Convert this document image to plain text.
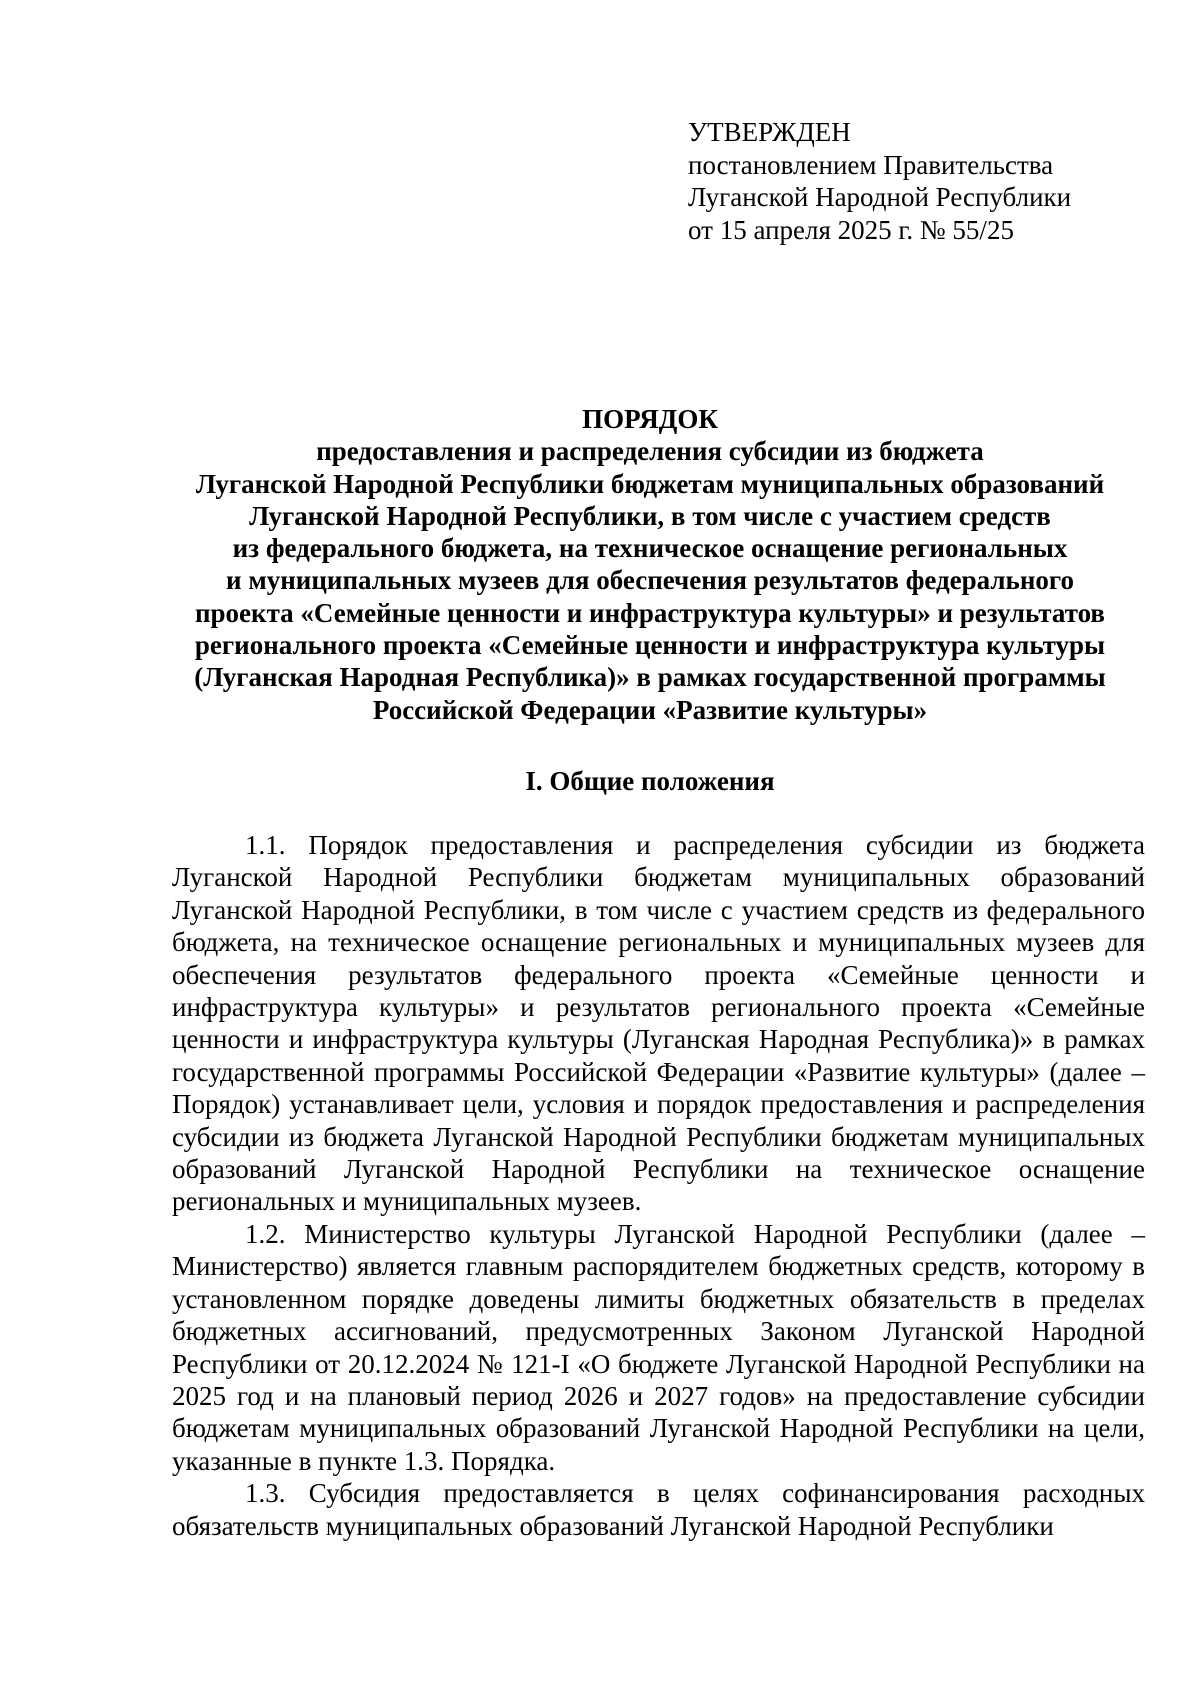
УТВЕРЖДЕН
постановлением Правительства
Луганской Народной Республики
от 15 апреля 2025 г. № 55/25
ПОРЯДОК
предоставления и распределения субсидии из бюджета
Луганской Народной Республики бюджетам муниципальных образований
Луганской Народной Республики, в том числе с участием средств
из федерального бюджета, на техническое оснащение региональных
и муниципальных музеев для обеспечения результатов федерального
проекта «Семейные ценности и инфраструктура культуры» и результатов
регионального проекта «Семейные ценности и инфраструктура культуры
(Луганская Народная Республика)» в рамках государственной программы
Российской Федерации «Развитие культуры»
I. Общие положения

1.1. Порядок предоставления и распределения субсидии из бюджета Луганской Народной Республики бюджетам муниципальных образований Луганской Народной Республики, в том числе с участием средств из федерального бюджета, на техническое оснащение региональных и муниципальных музеев для обеспечения результатов федерального проекта «Семейные ценности и инфраструктура культуры» и результатов регионального проекта «Семейные ценности и инфраструктура культуры (Луганская Народная Республика)» в рамках государственной программы Российской Федерации «Развитие культуры» (далее – Порядок) устанавливает цели, условия и порядок предоставления и распределения субсидии из бюджета Луганской Народной Республики бюджетам муниципальных образований Луганской Народной Республики на техническое оснащение региональных и муниципальных музеев.

1.2. Министерство культуры Луганской Народной Республики (далее – Министерство) является главным распорядителем бюджетных средств, которому в установленном порядке доведены лимиты бюджетных обязательств в пределах бюджетных ассигнований, предусмотренных Законом Луганской Народной Республики от 20.12.2024 № 121-I «О бюджете Луганской Народной Республики на 2025 год и на плановый период 2026 и 2027 годов» на предоставление субсидии бюджетам муниципальных образований Луганской Народной Республики на цели, указанные в пункте 1.3. Порядка.

1.3. Субсидия предоставляется в целях софинансирования расходных обязательств муниципальных образований Луганской Народной Республики
